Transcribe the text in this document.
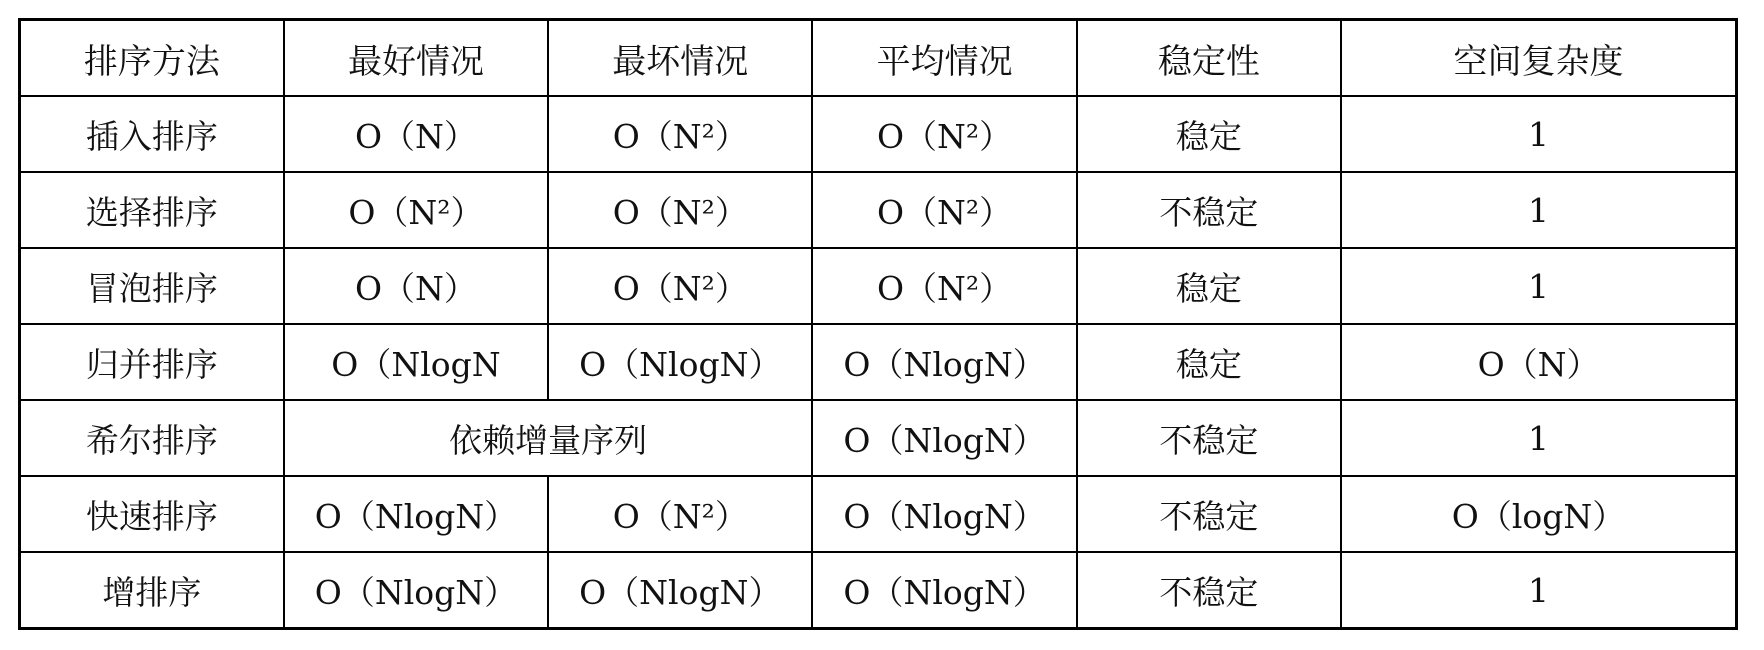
排序方法	最好情况	最坏情况	平均情况	稳定性	空间复杂度
插入排序	O（N）	O（N²）	O（N²）	稳定	1
选择排序	O（N²）	O（N²）	O（N²）	不稳定	1
冒泡排序	O（N）	O（N²）	O（N²）	稳定	1
归并排序	O（NlogN	O（NlogN）	O（NlogN）	稳定	O（N）
希尔排序	依赖增量序列		O（NlogN）	不稳定	1
快速排序	O（NlogN）	O（N²）	O（NlogN）	不稳定	O（logN）
增排序	O（NlogN）	O（NlogN）	O（NlogN）	不稳定	1
